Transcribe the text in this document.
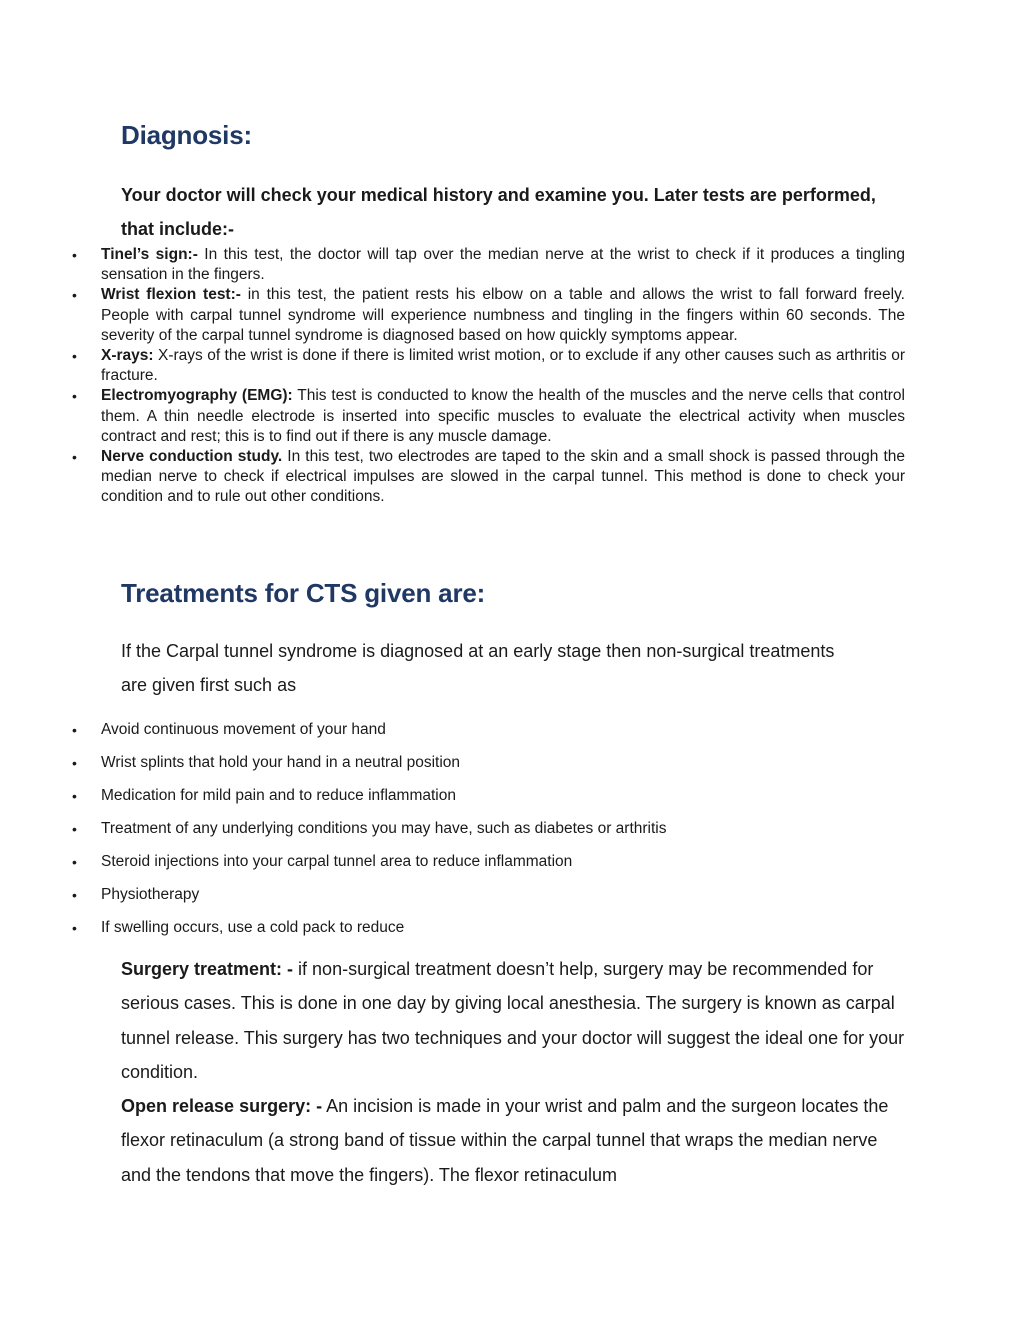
Diagnosis:

Your doctor will check your medical history and examine you. Later tests are performed, that include:-

• Tinel’s sign:- In this test, the doctor will tap over the median nerve at the wrist to check if it produces a tingling sensation in the fingers.
• Wrist flexion test:- in this test, the patient rests his elbow on a table and allows the wrist to fall forward freely. People with carpal tunnel syndrome will experience numbness and tingling in the fingers within 60 seconds. The severity of the carpal tunnel syndrome is diagnosed based on how quickly symptoms appear.
• X-rays: X-rays of the wrist is done if there is limited wrist motion, or to exclude if any other causes such as arthritis or fracture.
• Electromyography (EMG): This test is conducted to know the health of the muscles and the nerve cells that control them. A thin needle electrode is inserted into specific muscles to evaluate the electrical activity when muscles contract and rest; this is to find out if there is any muscle damage.
• Nerve conduction study. In this test, two electrodes are taped to the skin and a small shock is passed through the median nerve to check if electrical impulses are slowed in the carpal tunnel. This method is done to check your condition and to rule out other conditions.
Treatments for CTS given are:

If the Carpal tunnel syndrome is diagnosed at an early stage then non-surgical treatments are given first such as

• Avoid continuous movement of your hand
• Wrist splints that hold your hand in a neutral position
• Medication for mild pain and to reduce inflammation
• Treatment of any underlying conditions you may have, such as diabetes or arthritis
• Steroid injections into your carpal tunnel area to reduce inflammation
• Physiotherapy
• If swelling occurs, use a cold pack to reduce

Surgery treatment: - if non-surgical treatment doesn’t help, surgery may be recommended for serious cases. This is done in one day by giving local anesthesia. The surgery is known as carpal tunnel release. This surgery has two techniques and your doctor will suggest the ideal one for your condition.

Open release surgery: - An incision is made in your wrist and palm and the surgeon locates the flexor retinaculum (a strong band of tissue within the carpal tunnel that wraps the median nerve and the tendons that move the fingers). The flexor retinaculum
